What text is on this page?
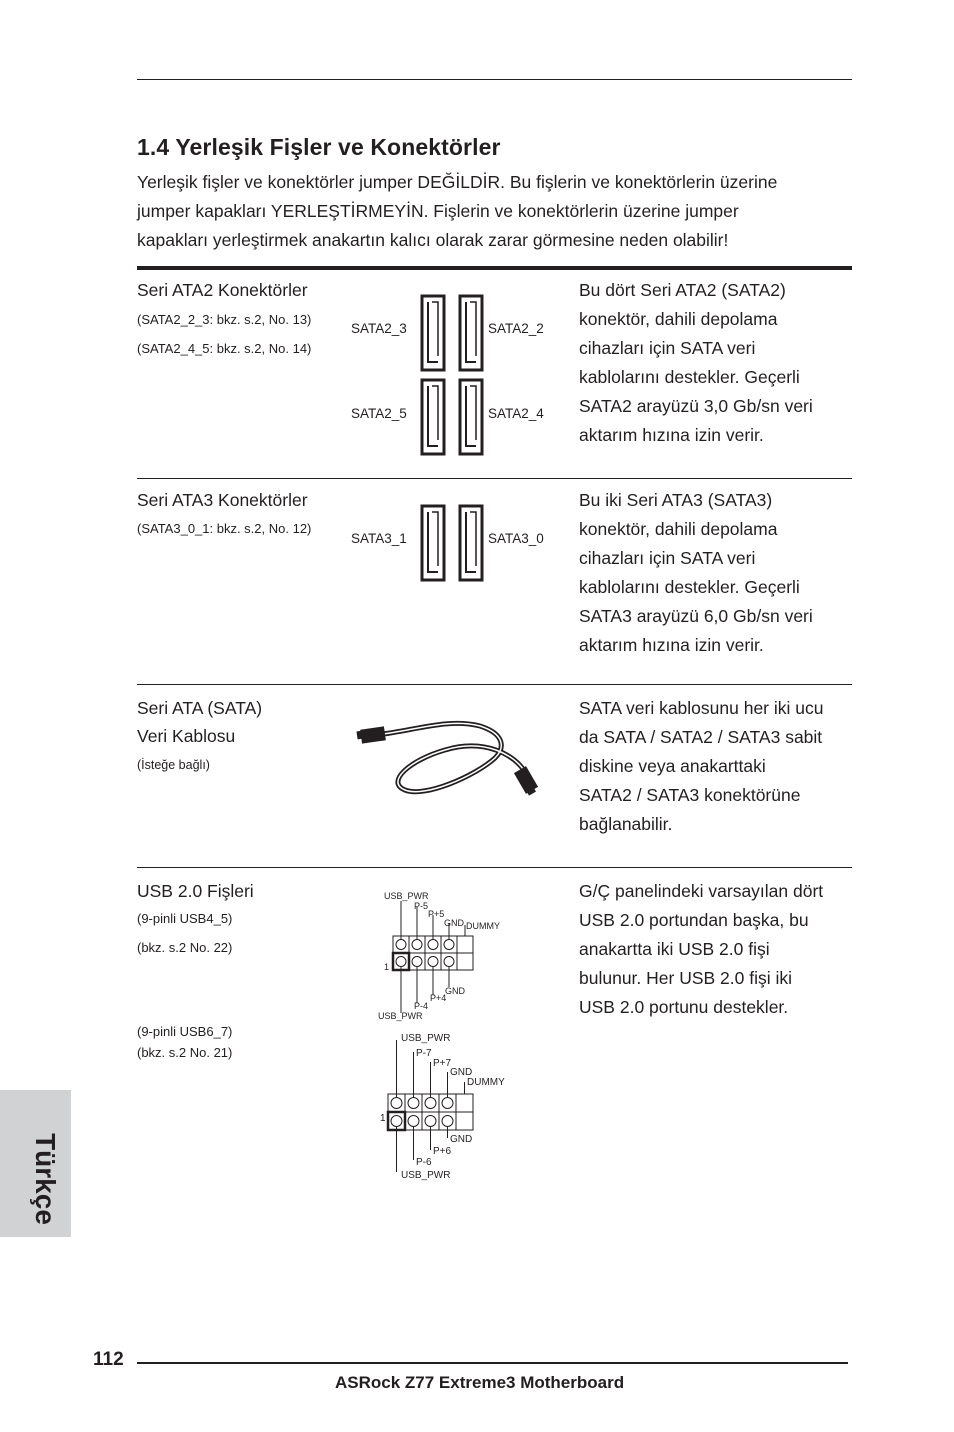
1.4 Yerleşik Fişler ve Konektörler

Yerleşik fişler ve konektörler jumper DEĞİLDİR. Bu fişlerin ve konektörlerin üzerine
jumper kapakları YERLEŞTİRMEYİN. Fişlerin ve konektörlerin üzerine jumper
kapakları yerleştirmek anakartın kalıcı olarak zarar görmesine neden olabilir!

Seri ATA2 Konektörler
(SATA2_2_3: bkz. s.2, No. 13)
(SATA2_4_5: bkz. s.2, No. 14)
SATA2_3	SATA2_2
SATA2_5	SATA2_4
Bu dört Seri ATA2 (SATA2)
konektör, dahili depolama
cihazları için SATA veri
kablolarını destekler. Geçerli
SATA2 arayüzü 3,0 Gb/sn veri
aktarım hızına izin verir.
Seri ATA3 Konektörler
(SATA3_0_1: bkz. s.2, No. 12)
SATA3_1	SATA3_0
Bu iki Seri ATA3 (SATA3)
konektör, dahili depolama
cihazları için SATA veri
kablolarını destekler. Geçerli
SATA3 arayüzü 6,0 Gb/sn veri
aktarım hızına izin verir.
Seri ATA (SATA)
Veri Kablosu
(İsteğe bağlı)
SATA veri kablosunu her iki ucu
da SATA / SATA2 / SATA3 sabit
diskine veya anakarttaki
SATA2 / SATA3 konektörüne
bağlanabilir.
USB 2.0 Fişleri
(9-pinli USB4_5)
(bkz. s.2 No. 22)
(9-pinli USB6_7)
(bkz. s.2 No. 21)
USB_PWR
P-5
P+5
GND DUMMY
1
GND
P+4
P-4
USB_PWR
USB_PWR
P-7
P+7
GND
DUMMY
1
GND
P+6
P-6
USB_PWR
G/Ç panelindeki varsayılan dört
USB 2.0 portundan başka, bu
anakartta iki USB 2.0 fişi
bulunur. Her USB 2.0 fişi iki
USB 2.0 portunu destekler.
Türkçe
112
ASRock Z77 Extreme3 Motherboard
